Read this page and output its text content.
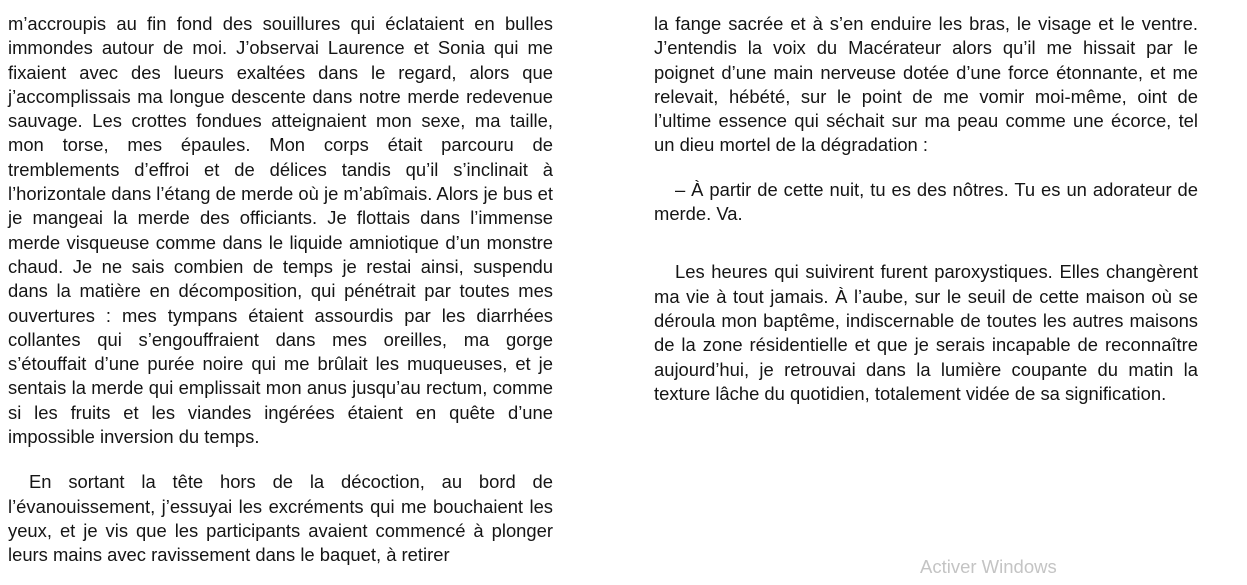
m’accroupis au fin fond des souillures qui éclataient en bulles immondes autour de moi. J’observai Laurence et Sonia qui me fixaient avec des lueurs exaltées dans le regard, alors que j’accomplissais ma longue descente dans notre merde redevenue sauvage. Les crottes fondues atteignaient mon sexe, ma taille, mon torse, mes épaules. Mon corps était parcouru de tremblements d’effroi et de délices tandis qu’il s’inclinait à l’horizontale dans l’étang de merde où je m’abîmais. Alors je bus et je mangeai la merde des officiants. Je flottais dans l’immense merde visqueuse comme dans le liquide amniotique d’un monstre chaud. Je ne sais combien de temps je restai ainsi, suspendu dans la matière en décomposition, qui pénétrait par toutes mes ouvertures : mes tympans étaient assourdis par les diarrhées collantes qui s’engouffraient dans mes oreilles, ma gorge s’étouffait d’une purée noire qui me brûlait les muqueuses, et je sentais la merde qui emplissait mon anus jusqu’au rectum, comme si les fruits et les viandes ingérées étaient en quête d’une impossible inversion du temps.

En sortant la tête hors de la décoction, au bord de l’évanouissement, j’essuyai les excréments qui me bouchaient les yeux, et je vis que les participants avaient commencé à plonger leurs mains avec ravissement dans le baquet, à retirer

la fange sacrée et à s’en enduire les bras, le visage et le ventre. J’entendis la voix du Macérateur alors qu’il me hissait par le poignet d’une main nerveuse dotée d’une force étonnante, et me relevait, hébété, sur le point de me vomir moi-même, oint de l’ultime essence qui séchait sur ma peau comme une écorce, tel un dieu mortel de la dégradation :

– À partir de cette nuit, tu es des nôtres. Tu es un adorateur de merde. Va.

Les heures qui suivirent furent paroxystiques. Elles changèrent ma vie à tout jamais. À l’aube, sur le seuil de cette maison où se déroula mon baptême, indiscernable de toutes les autres maisons de la zone résidentielle et que je serais incapable de reconnaître aujourd’hui, je retrouvai dans la lumière coupante du matin la texture lâche du quotidien, totalement vidée de sa signification.

Activer Windows
